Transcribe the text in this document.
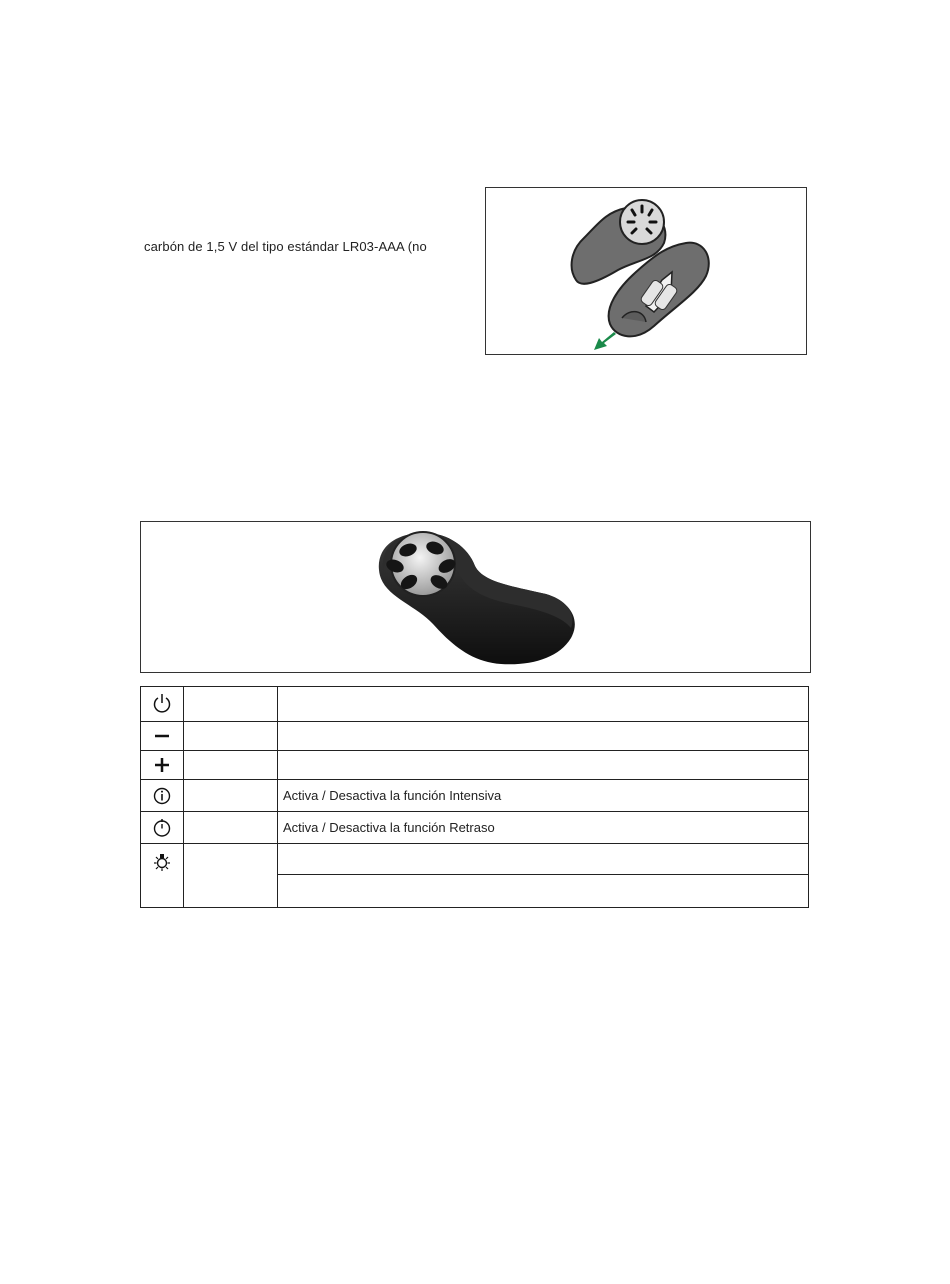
carbón de 1,5 V del tipo estándar LR03-AAA (no

		Activa / Desactiva la función Intensiva

		Activa / Desactiva la función Retraso
